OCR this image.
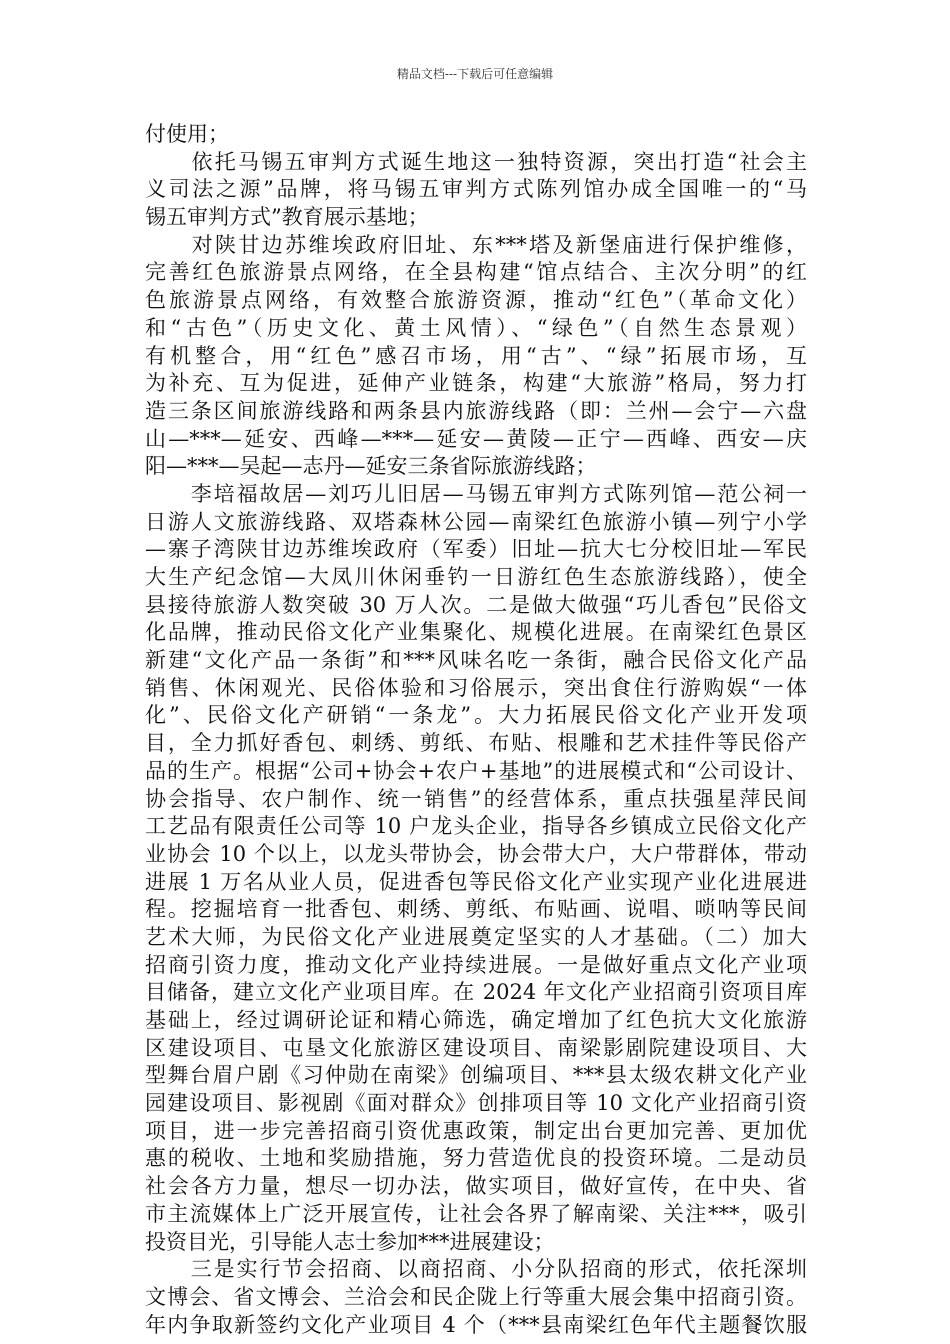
精品文档---下载后可任意编辑
付使用；
　　依托马锡五审判方式诞生地这一独特资源，突出打造“社会主
义司法之源”品牌，将马锡五审判方式陈列馆办成全国唯一的“马
锡五审判方式”教育展示基地；
　　对陕甘边苏维埃政府旧址、东***塔及新堡庙进行保护维修，
完善红色旅游景点网络，在全县构建“馆点结合、主次分明”的红
色旅游景点网络，有效整合旅游资源，推动“红色”（革命文化）
和“古色”（历史文化、黄土风情）、“绿色”（自然生态景观）
有机整合，用“红色”感召市场，用“古”、“绿”拓展市场，互
为补充、互为促进，延伸产业链条，构建“大旅游”格局，努力打
造三条区间旅游线路和两条县内旅游线路（即：兰州—会宁—六盘
山—***—延安、西峰—***—延安—黄陵—正宁—西峰、西安—庆
阳—***—吴起—志丹—延安三条省际旅游线路；
　　李培福故居—刘巧儿旧居—马锡五审判方式陈列馆—范公祠一
日游人文旅游线路、双塔森林公园—南梁红色旅游小镇—列宁小学
—寨子湾陕甘边苏维埃政府（军委）旧址—抗大七分校旧址—军民
大生产纪念馆—大凤川休闲垂钓一日游红色生态旅游线路），使全
县接待旅游人数突破 30 万人次。二是做大做强“巧儿香包”民俗文
化品牌，推动民俗文化产业集聚化、规模化进展。在南梁红色景区
新建“文化产品一条街”和***风味名吃一条街，融合民俗文化产品
销售、休闲观光、民俗体验和习俗展示，突出食住行游购娱“一体
化”、民俗文化产研销“一条龙”。大力拓展民俗文化产业开发项
目，全力抓好香包、刺绣、剪纸、布贴、根雕和艺术挂件等民俗产
品的生产。根据“公司+协会+农户+基地”的进展模式和“公司设计、
协会指导、农户制作、统一销售”的经营体系，重点扶强星萍民间
工艺品有限责任公司等 10 户龙头企业，指导各乡镇成立民俗文化产
业协会 10 个以上，以龙头带协会，协会带大户，大户带群体，带动
进展 1 万名从业人员，促进香包等民俗文化产业实现产业化进展进
程。挖掘培育一批香包、刺绣、剪纸、布贴画、说唱、唢呐等民间
艺术大师，为民俗文化产业进展奠定坚实的人才基础。（二）加大
招商引资力度，推动文化产业持续进展。一是做好重点文化产业项
目储备，建立文化产业项目库。在 2024 年文化产业招商引资项目库
基础上，经过调研论证和精心筛选，确定增加了红色抗大文化旅游
区建设项目、屯垦文化旅游区建设项目、南梁影剧院建设项目、大
型舞台眉户剧《习仲勋在南梁》创编项目、***县太级农耕文化产业
园建设项目、影视剧《面对群众》创排项目等 10 文化产业招商引资
项目，进一步完善招商引资优惠政策，制定出台更加完善、更加优
惠的税收、土地和奖励措施，努力营造优良的投资环境。二是动员
社会各方力量，想尽一切办法，做实项目，做好宣传，在中央、省
市主流媒体上广泛开展宣传，让社会各界了解南梁、关注***，吸引
投资目光，引导能人志士参加***进展建设；
　　三是实行节会招商、以商招商、小分队招商的形式，依托深圳
文博会、省文博会、兰洽会和民企陇上行等重大展会集中招商引资。
年内争取新签约文化产业项目 4 个（***县南梁红色年代主题餐饮服
